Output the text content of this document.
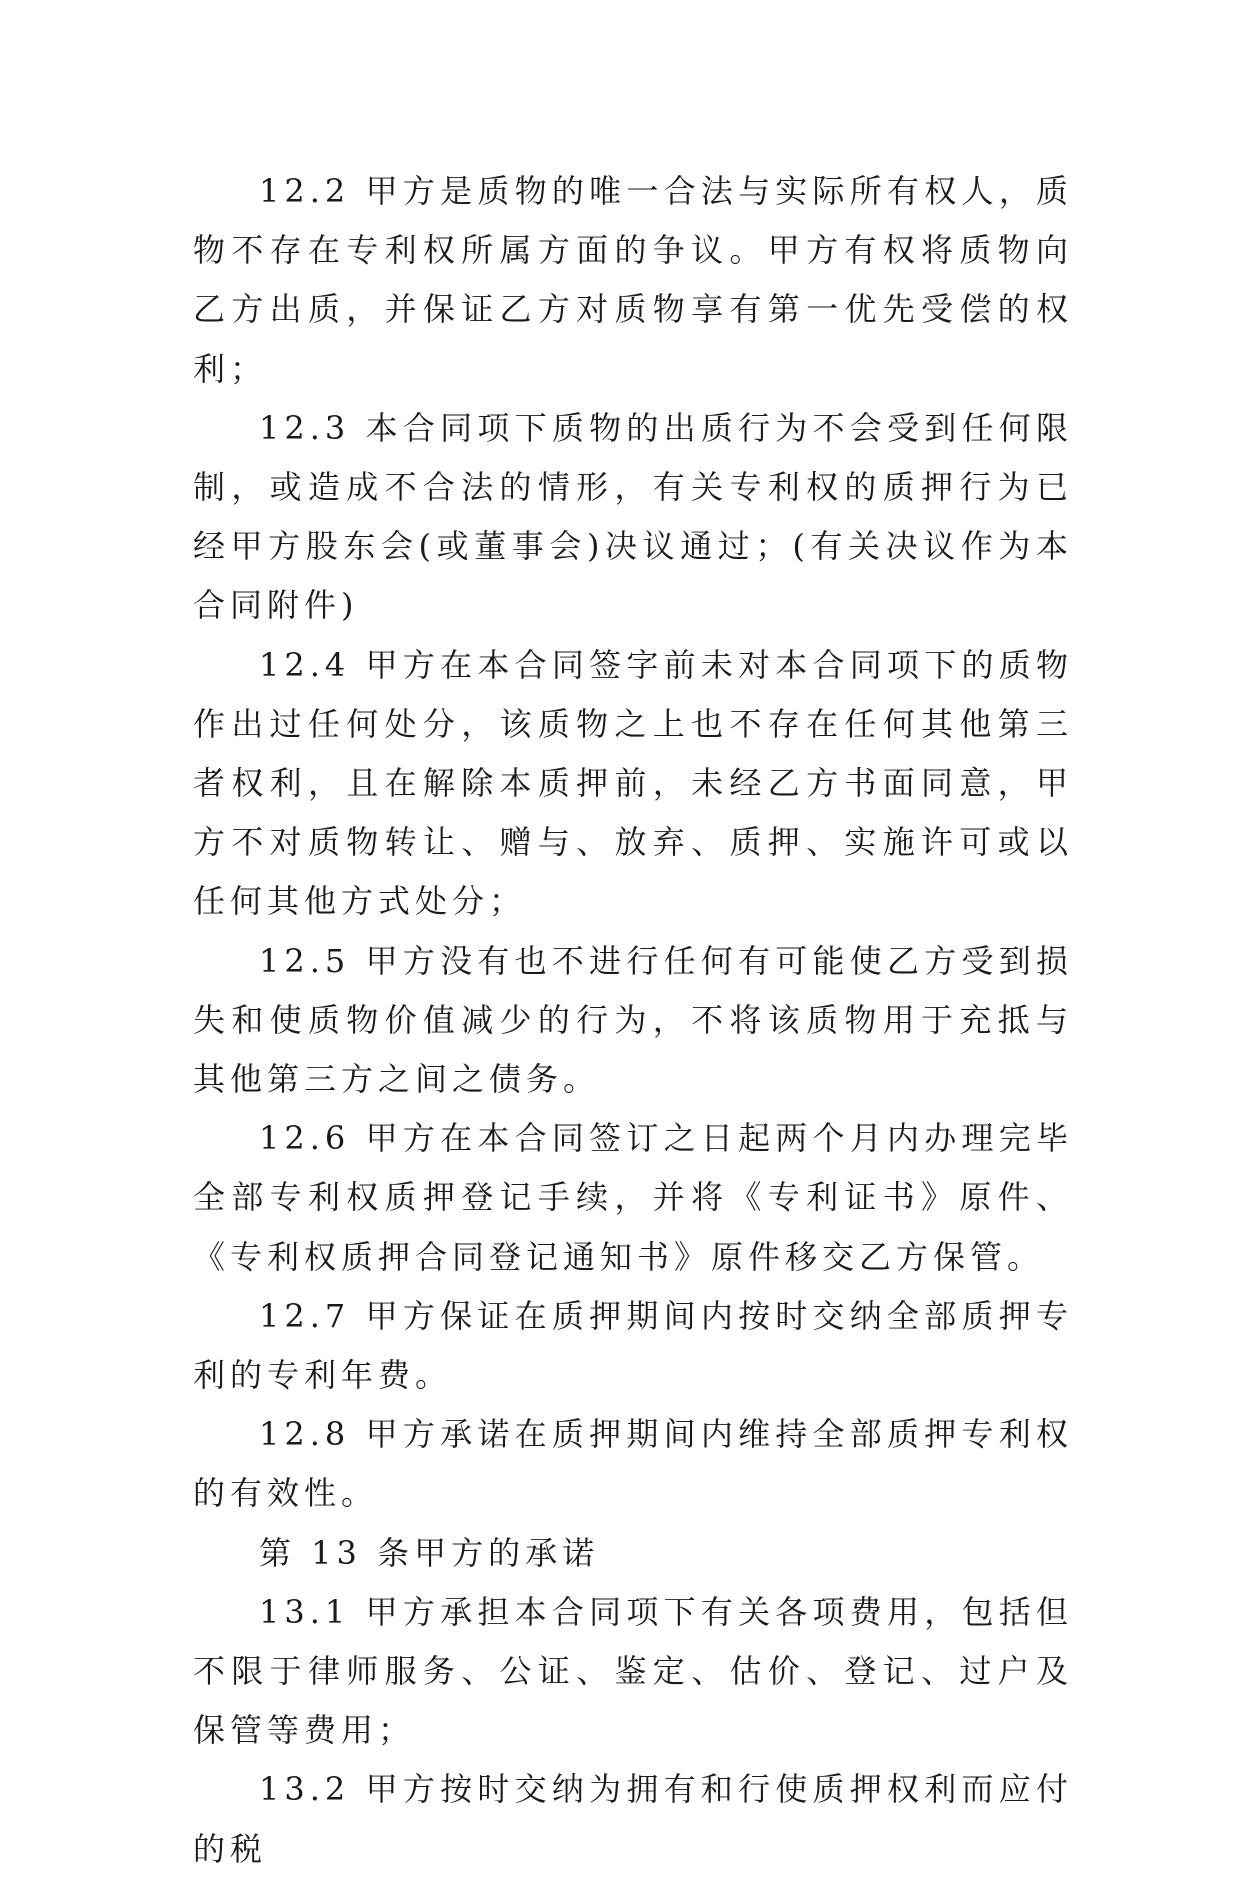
12.2 甲方是质物的唯一合法与实际所有权人，质物不存在专利权所属方面的争议。甲方有权将质物向乙方出质，并保证乙方对质物享有第一优先受偿的权利；

12.3 本合同项下质物的出质行为不会受到任何限制，或造成不合法的情形，有关专利权的质押行为已经甲方股东会(或董事会)决议通过；(有关决议作为本合同附件)

12.4 甲方在本合同签字前未对本合同项下的质物作出过任何处分，该质物之上也不存在任何其他第三者权利，且在解除本质押前，未经乙方书面同意，甲方不对质物转让、赠与、放弃、质押、实施许可或以任何其他方式处分；

12.5 甲方没有也不进行任何有可能使乙方受到损失和使质物价值减少的行为，不将该质物用于充抵与其他第三方之间之债务。

12.6 甲方在本合同签订之日起两个月内办理完毕全部专利权质押登记手续，并将《专利证书》原件、《专利权质押合同登记通知书》原件移交乙方保管。

12.7 甲方保证在质押期间内按时交纳全部质押专利的专利年费。

12.8 甲方承诺在质押期间内维持全部质押专利权的有效性。

第 13 条甲方的承诺

13.1 甲方承担本合同项下有关各项费用，包括但不限于律师服务、公证、鉴定、估价、登记、过户及保管等费用；

13.2 甲方按时交纳为拥有和行使质押权利而应付的税
